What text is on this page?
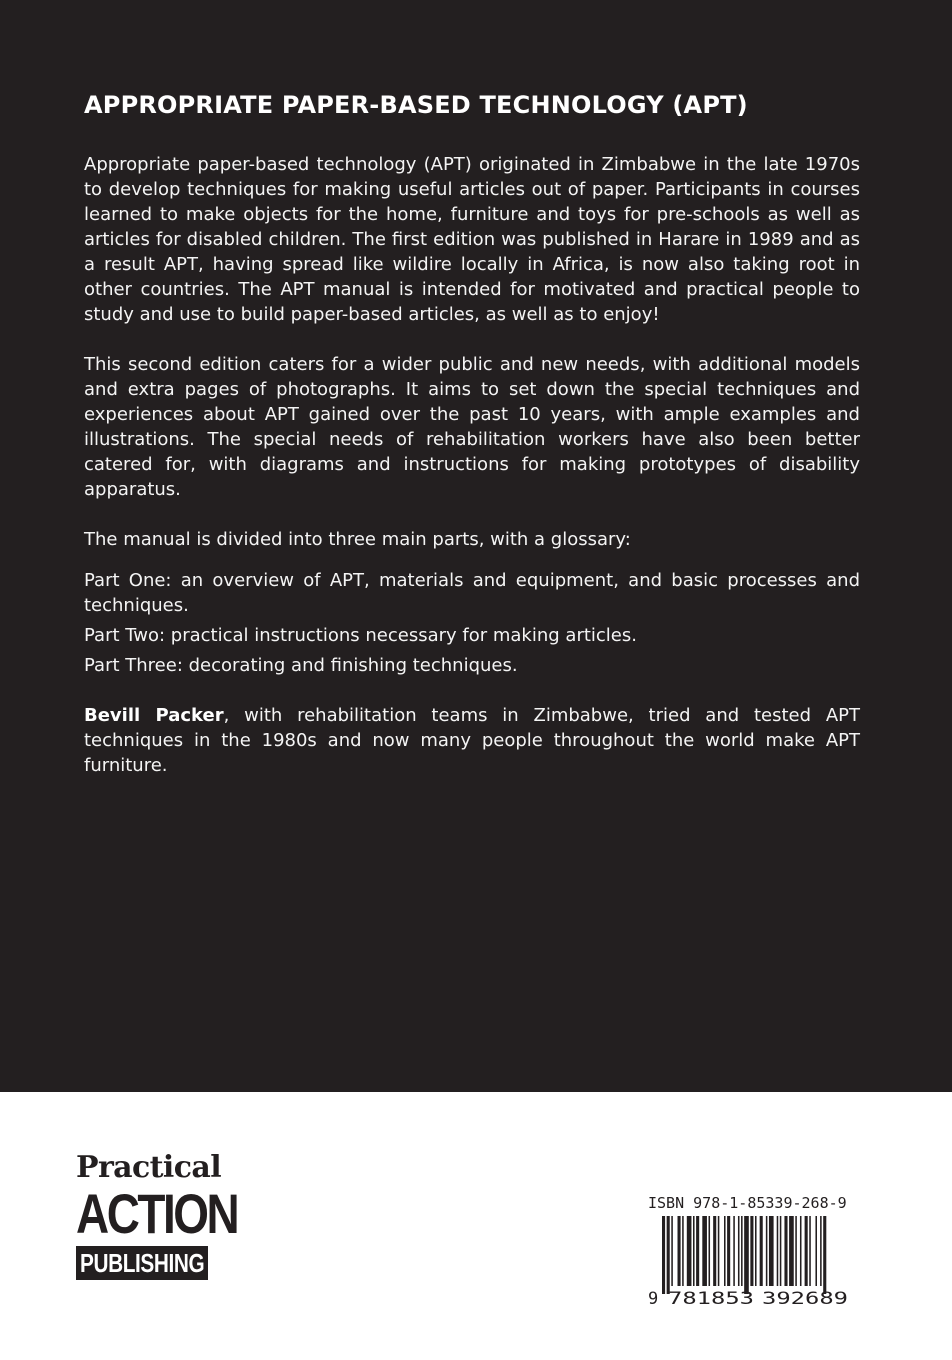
APPROPRIATE PAPER-BASED TECHNOLOGY (APT)

Appropriate paper-based technology (APT) originated in Zimbabwe in the late 1970s to develop techniques for making useful articles out of paper. Participants in courses learned to make objects for the home, furniture and toys for pre-schools as well as articles for disabled children. The first edition was published in Harare in 1989 and as a result APT, having spread like wildire locally in Africa, is now also taking root in other countries. The APT manual is intended for motivated and practical people to study and use to build paper-based articles, as well as to enjoy!

This second edition caters for a wider public and new needs, with additional models and extra pages of photographs. It aims to set down the special techniques and experiences about APT gained over the past 10 years, with ample examples and illustrations. The special needs of rehabilitation workers have also been better catered for, with diagrams and instructions for making prototypes of disability apparatus.

The manual is divided into three main parts, with a glossary:

Part One: an overview of APT, materials and equipment, and basic processes and techniques.

Part Two: practical instructions necessary for making articles.

Part Three: decorating and finishing techniques.

Bevill Packer, with rehabilitation teams in Zimbabwe, tried and tested APT techniques in the 1980s and now many people throughout the world make APT furniture.

Practical
ACTION
PUBLISHING
ISBN 978-1-85339-268-9
9 781853 392689
